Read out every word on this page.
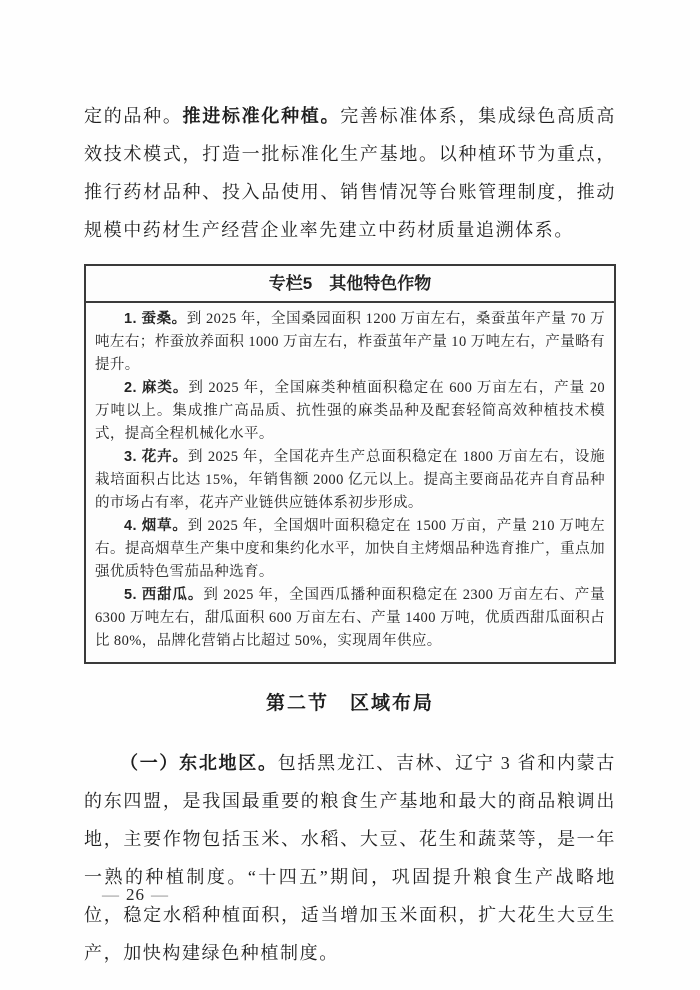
定的品种。推进标准化种植。完善标准体系，集成绿色高质高效技术模式，打造一批标准化生产基地。以种植环节为重点，推行药材品种、投入品使用、销售情况等台账管理制度，推动规模中药材生产经营企业率先建立中药材质量追溯体系。

专栏5　其他特色作物

1. 蚕桑。到 2025 年，全国桑园面积 1200 万亩左右，桑蚕茧年产量 70 万吨左右；柞蚕放养面积 1000 万亩左右，柞蚕茧年产量 10 万吨左右，产量略有提升。

2. 麻类。到 2025 年，全国麻类种植面积稳定在 600 万亩左右，产量 20 万吨以上。集成推广高品质、抗性强的麻类品种及配套轻简高效种植技术模式，提高全程机械化水平。

3. 花卉。到 2025 年，全国花卉生产总面积稳定在 1800 万亩左右，设施栽培面积占比达 15%，年销售额 2000 亿元以上。提高主要商品花卉自育品种的市场占有率，花卉产业链供应链体系初步形成。

4. 烟草。到 2025 年，全国烟叶面积稳定在 1500 万亩，产量 210 万吨左右。提高烟草生产集中度和集约化水平，加快自主烤烟品种选育推广，重点加强优质特色雪茄品种选育。

5. 西甜瓜。到 2025 年，全国西瓜播种面积稳定在 2300 万亩左右、产量 6300 万吨左右，甜瓜面积 600 万亩左右、产量 1400 万吨，优质西甜瓜面积占比 80%，品牌化营销占比超过 50%，实现周年供应。

第二节　区域布局

（一）东北地区。包括黑龙江、吉林、辽宁 3 省和内蒙古的东四盟，是我国最重要的粮食生产基地和最大的商品粮调出地，主要作物包括玉米、水稻、大豆、花生和蔬菜等，是一年一熟的种植制度。“十四五”期间，巩固提升粮食生产战略地位，稳定水稻种植面积，适当增加玉米面积，扩大花生大豆生产，加快构建绿色种植制度。

— 26 —
